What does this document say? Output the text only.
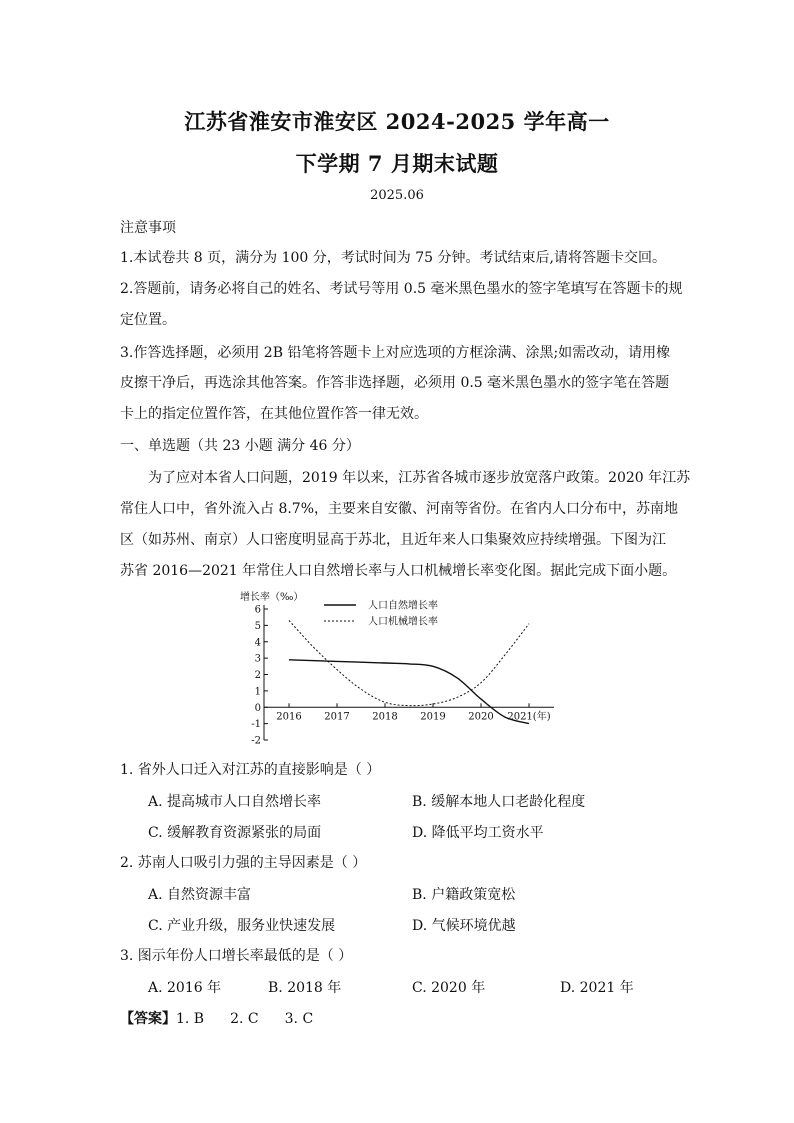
江苏省淮安市淮安区 2024-2025 学年高一
下学期 7 月期末试题
2025.06
注意事项
1.本试卷共 8 页，满分为 100 分，考试时间为 75 分钟。考试结束后,请将答题卡交回。
2.答题前，请务必将自己的姓名、考试号等用 0.5 毫米黑色墨水的签字笔填写在答题卡的规
定位置。
3.作答选择题，必须用 2B 铅笔将答题卡上对应选项的方框涂满、涂黑;如需改动，请用橡
皮擦干净后，再选涂其他答案。作答非选择题，必须用 0.5 毫米黑色墨水的签字笔在答题
卡上的指定位置作答，在其他位置作答一律无效。
一、单选题（共 23 小题 满分 46 分）
为了应对本省人口问题，2019 年以来，江苏省各城市逐步放宽落户政策。2020 年江苏
常住人口中，省外流入占 8.7%，主要来自安徽、河南等省份。在省内人口分布中，苏南地
区（如苏州、南京）人口密度明显高于苏北，且近年来人口集聚效应持续增强。下图为江
苏省 2016—2021 年常住人口自然增长率与人口机械增长率变化图。据此完成下面小题。
增长率（‰）
6
5
4
3
2
1
0
-1
-2
2016 2017 2018 2019 2020 2021(年)
人口自然增长率
人口机械增长率
1. 省外人口迁入对江苏的直接影响是（ ）
A. 提高城市人口自然增长率	B. 缓解本地人口老龄化程度
C. 缓解教育资源紧张的局面	D. 降低平均工资水平
2. 苏南人口吸引力强的主导因素是（ ）
A. 自然资源丰富	B. 户籍政策宽松
C. 产业升级，服务业快速发展	D. 气候环境优越
3. 图示年份人口增长率最低的是（ ）
A. 2016 年	B. 2018 年	C. 2020 年	D. 2021 年
【答案】1. B 2. C 3. C
